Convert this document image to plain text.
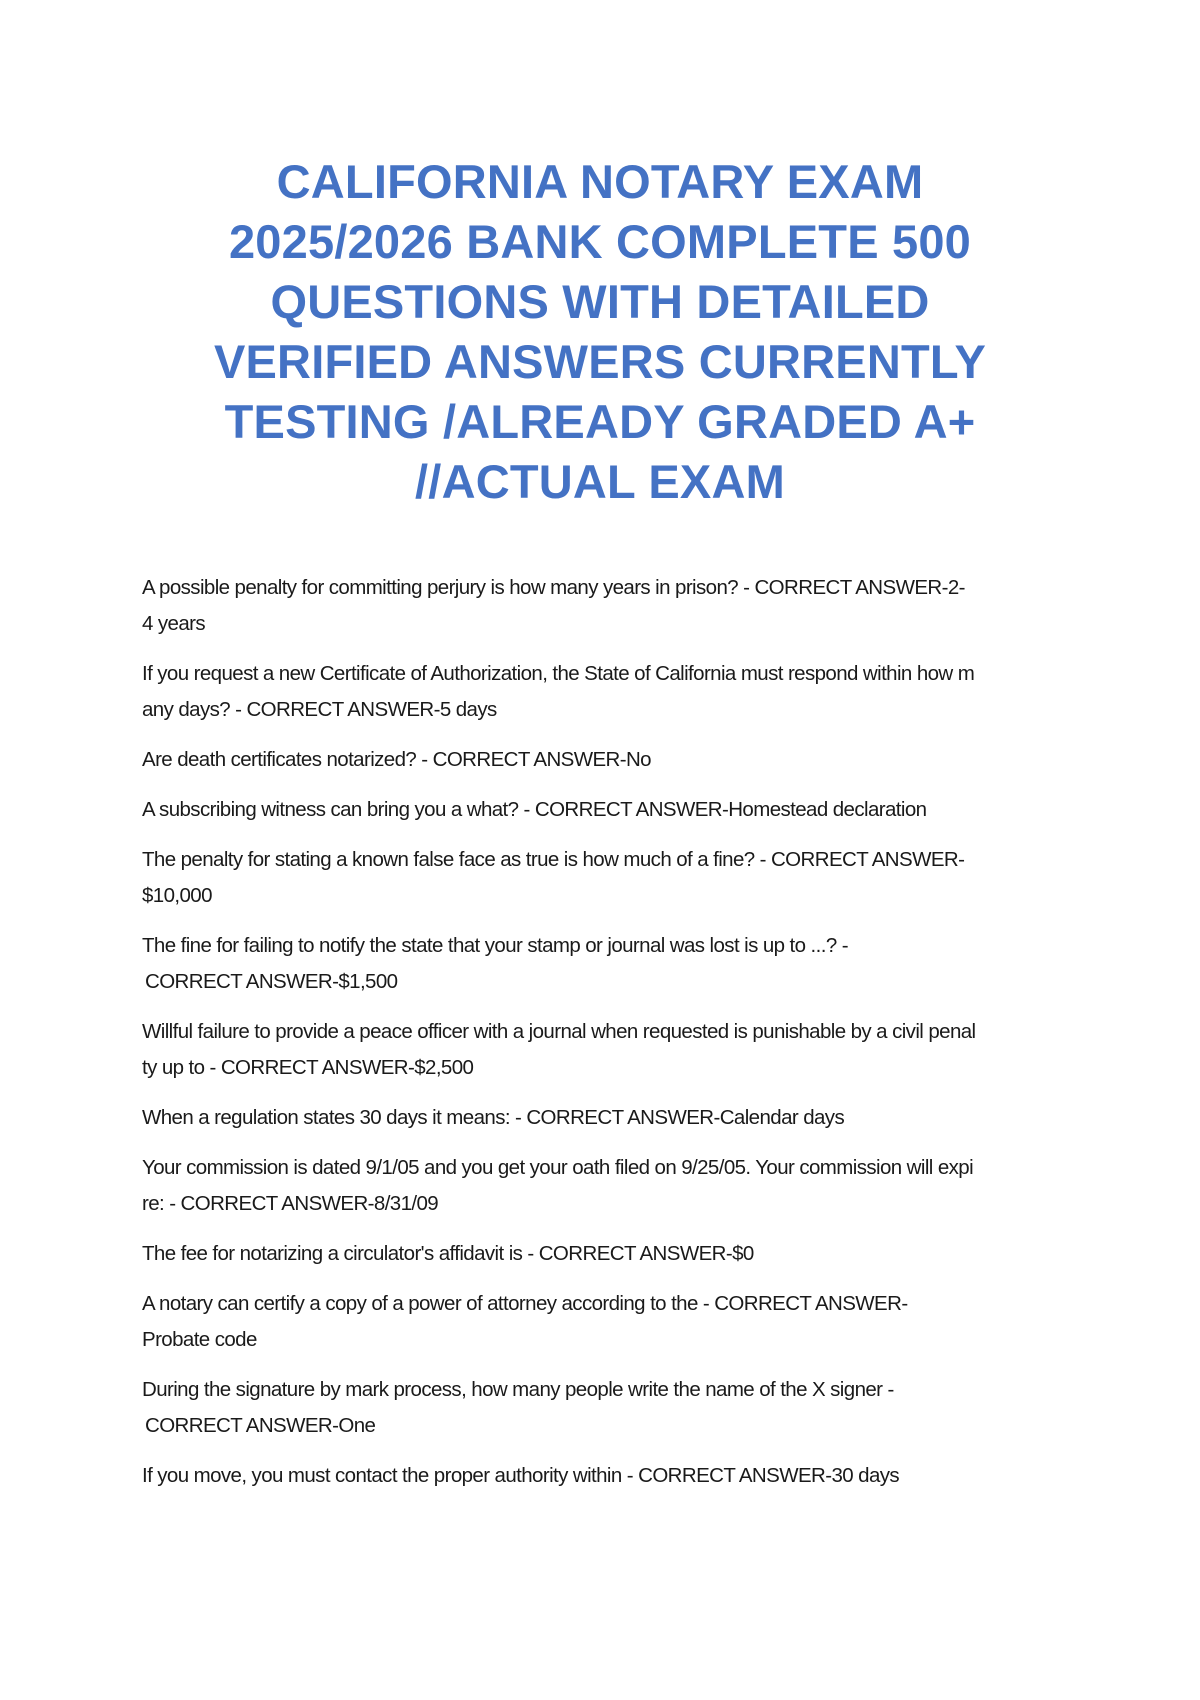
CALIFORNIA NOTARY EXAM
2025/2026 BANK COMPLETE 500
QUESTIONS WITH DETAILED
VERIFIED ANSWERS CURRENTLY
TESTING /ALREADY GRADED A+
//ACTUAL EXAM
A possible penalty for committing perjury is how many years in prison? - CORRECT ANSWER-2-
4 years
If you request a new Certificate of Authorization, the State of California must respond within how m
any days? - CORRECT ANSWER-5 days
Are death certificates notarized? - CORRECT ANSWER-No
A subscribing witness can bring you a what? - CORRECT ANSWER-Homestead declaration
The penalty for stating a known false face as true is how much of a fine? - CORRECT ANSWER-
$10,000
The fine for failing to notify the state that your stamp or journal was lost is up to ...? -
CORRECT ANSWER-$1,500
Willful failure to provide a peace officer with a journal when requested is punishable by a civil penal
ty up to - CORRECT ANSWER-$2,500
When a regulation states 30 days it means: - CORRECT ANSWER-Calendar days
Your commission is dated 9/1/05 and you get your oath filed on 9/25/05. Your commission will expi
re: - CORRECT ANSWER-8/31/09
The fee for notarizing a circulator's affidavit is - CORRECT ANSWER-$0
A notary can certify a copy of a power of attorney according to the - CORRECT ANSWER-
Probate code
During the signature by mark process, how many people write the name of the X signer -
CORRECT ANSWER-One
If you move, you must contact the proper authority within - CORRECT ANSWER-30 days
